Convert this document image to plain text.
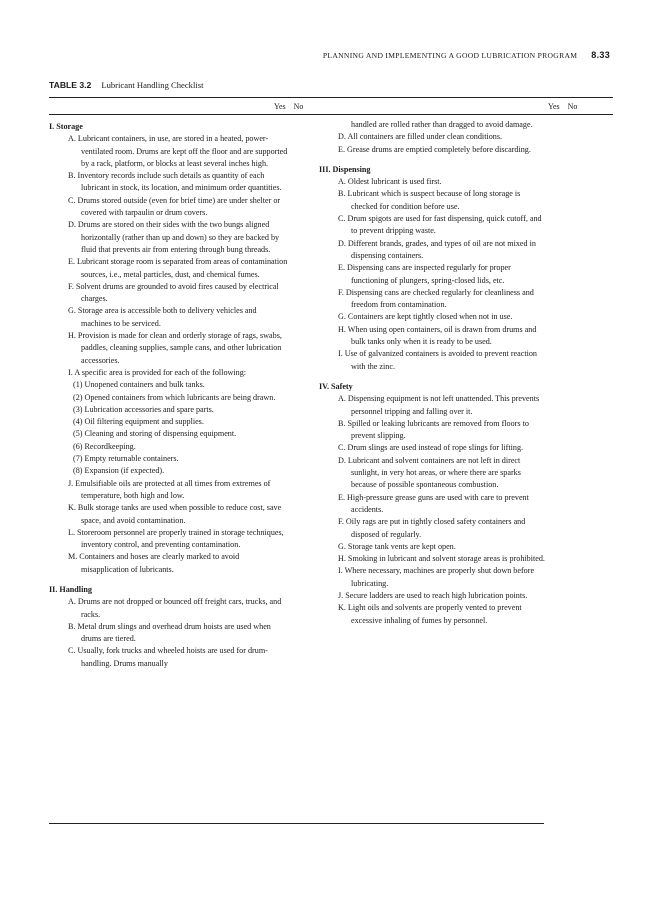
PLANNING AND IMPLEMENTING A GOOD LUBRICATION PROGRAM 8.33
TABLE 3.2 Lubricant Handling Checklist
Yes No	Yes No
I. Storage
A. Lubricant containers, in use, are stored in a heated, power-ventilated room. Drums are kept off the floor and are supported by a rack, platform, or blocks at least several inches high.
B. Inventory records include such details as quantity of each lubricant in stock, its location, and minimum order quantities.
C. Drums stored outside (even for brief time) are under shelter or covered with tarpaulin or drum covers.
D. Drums are stored on their sides with the two bungs aligned horizontally (rather than up and down) so they are backed by fluid that prevents air from entering through bung threads.
E. Lubricant storage room is separated from areas of contamination sources, i.e., metal particles, dust, and chemical fumes.
F. Solvent drums are grounded to avoid fires caused by electrical charges.
G. Storage area is accessible both to delivery vehicles and machines to be serviced.
H. Provision is made for clean and orderly storage of rags, swabs, paddles, cleaning supplies, sample cans, and other lubrication accessories.
I. A specific area is provided for each of the following:
(1) Unopened containers and bulk tanks.
(2) Opened containers from which lubricants are being drawn.
(3) Lubrication accessories and spare parts.
(4) Oil filtering equipment and supplies.
(5) Cleaning and storing of dispensing equipment.
(6) Recordkeeping.
(7) Empty returnable containers.
(8) Expansion (if expected).
J. Emulsifiable oils are protected at all times from extremes of temperature, both high and low.
K. Bulk storage tanks are used when possible to reduce cost, save space, and avoid contamination.
L. Storeroom personnel are properly trained in storage techniques, inventory control, and preventing contamination.
M. Containers and hoses are clearly marked to avoid misapplication of lubricants.
II. Handling
A. Drums are not dropped or bounced off freight cars, trucks, and racks.
B. Metal drum slings and overhead drum hoists are used when drums are tiered.
C. Usually, fork trucks and wheeled hoists are used for drum-handling. Drums manually
handled are rolled rather than dragged to avoid damage.
D. All containers are filled under clean conditions.
E. Grease drums are emptied completely before discarding.
III. Dispensing
A. Oldest lubricant is used first.
B. Lubricant which is suspect because of long storage is checked for condition before use.
C. Drum spigots are used for fast dispensing, quick cutoff, and to prevent dripping waste.
D. Different brands, grades, and types of oil are not mixed in dispensing containers.
E. Dispensing cans are inspected regularly for proper functioning of plungers, spring-closed lids, etc.
F. Dispensing cans are checked regularly for cleanliness and freedom from contamination.
G. Containers are kept tightly closed when not in use.
H. When using open containers, oil is drawn from drums and bulk tanks only when it is ready to be used.
I. Use of galvanized containers is avoided to prevent reaction with the zinc.
IV. Safety
A. Dispensing equipment is not left unattended. This prevents personnel tripping and falling over it.
B. Spilled or leaking lubricants are removed from floors to prevent slipping.
C. Drum slings are used instead of rope slings for lifting.
D. Lubricant and solvent containers are not left in direct sunlight, in very hot areas, or where there are sparks because of possible spontaneous combustion.
E. High-pressure grease guns are used with care to prevent accidents.
F. Oily rags are put in tightly closed safety containers and disposed of regularly.
G. Storage tank vents are kept open.
H. Smoking in lubricant and solvent storage areas is prohibited.
I. Where necessary, machines are properly shut down before lubricating.
J. Secure ladders are used to reach high lubrication points.
K. Light oils and solvents are properly vented to prevent excessive inhaling of fumes by personnel.
